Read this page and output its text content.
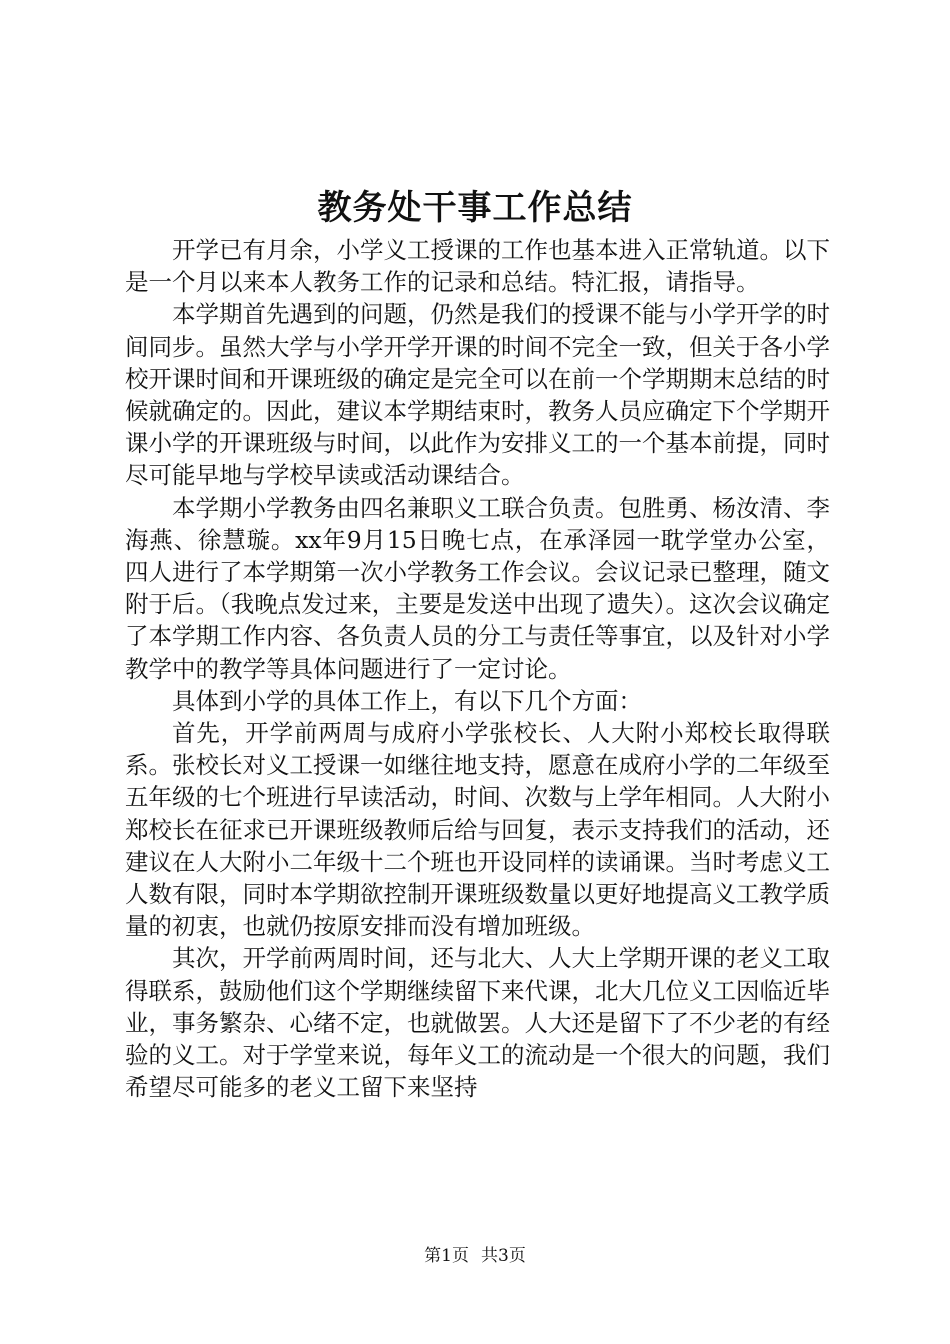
教务处干事工作总结

开学已有月余，小学义工授课的工作也基本进入正常轨道。以下是一个月以来本人教务工作的记录和总结。特汇报，请指导。

本学期首先遇到的问题，仍然是我们的授课不能与小学开学的时间同步。虽然大学与小学开学开课的时间不完全一致，但关于各小学校开课时间和开课班级的确定是完全可以在前一个学期期末总结的时候就确定的。因此，建议本学期结束时，教务人员应确定下个学期开课小学的开课班级与时间，以此作为安排义工的一个基本前提，同时尽可能早地与学校早读或活动课结合。

本学期小学教务由四名兼职义工联合负责。包胜勇、杨汝清、李海燕、徐慧璇。xx年9月15日晚七点，在承泽园一耽学堂办公室，四人进行了本学期第一次小学教务工作会议。会议记录已整理，随文附于后。（我晚点发过来，主要是发送中出现了遗失）。这次会议确定了本学期工作内容、各负责人员的分工与责任等事宜，以及针对小学教学中的教学等具体问题进行了一定讨论。

具体到小学的具体工作上，有以下几个方面：

首先，开学前两周与成府小学张校长、人大附小郑校长取得联系。张校长对义工授课一如继往地支持，愿意在成府小学的二年级至五年级的七个班进行早读活动，时间、次数与上学年相同。人大附小郑校长在征求已开课班级教师后给与回复，表示支持我们的活动，还建议在人大附小二年级十二个班也开设同样的读诵课。当时考虑义工人数有限，同时本学期欲控制开课班级数量以更好地提高义工教学质量的初衷，也就仍按原安排而没有增加班级。

其次，开学前两周时间，还与北大、人大上学期开课的老义工取得联系，鼓励他们这个学期继续留下来代课，北大几位义工因临近毕业，事务繁杂、心绪不定，也就做罢。人大还是留下了不少老的有经验的义工。对于学堂来说，每年义工的流动是一个很大的问题，我们希望尽可能多的老义工留下来坚持

第1页 共3页
